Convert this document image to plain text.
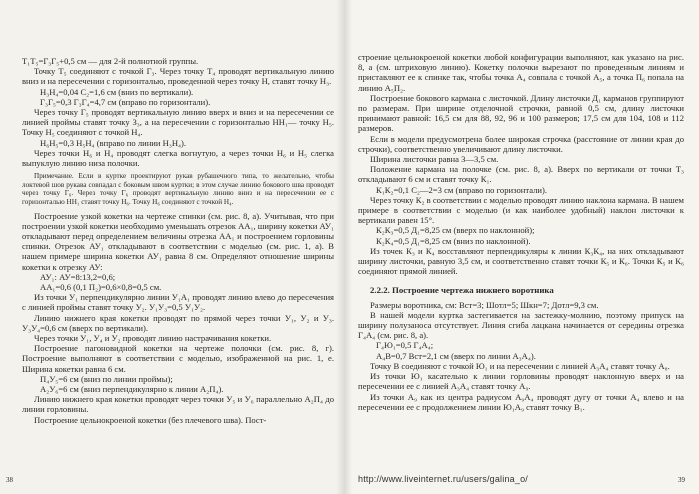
Т₁Т₅=Г₃Г₅+0,5 см — для 2-й полнотной группы.

Точку Т₅ соединяют с точкой Г₃. Через точку Т₄ проводят вертикальную линию вниз и на пересечении с горизонталью, проведенной через точку Н, ставят точку Н₃.

Н₃Н₄=0,04 С₂=1,6 см (вниз по вертикали).

Г₃Г₅=0,3 Г₃Г₄=4,7 см (вправо по горизонтали).

Через точку Г₅ проводят вертикальную линию вверх и вниз и на пересечении се линией проймы ставят точку З₃, а на пересечении с горизонталью НН₁— точку Н₅. Точку Н₅ соединяют с точкой Н₄.

Н₆Н₅=0,3 Н₅Н₄ (вправо по линии Н₃Н₄).

Через точки Н₆ и Н₄ проводят слегка вогнутую, а через точки Н₆ и Н₅ слегка выпуклую линию низа полочки.

Примечание. Если в куртке проектируют рукав рубашечного типа, то желательно, чтобы локтевой шов рукава совпадал с боковым швом куртки; в этом случае линию бокового шва проводят через точку Г₆. Через точку Г₆ проводят вертикальную линию вниз и на пересечении ее с горизонталью НН₁ ставят точку Н₆. Точку Н₆ соединяют с точкой Н₄.

Построение узкой кокетки на чертеже спинки (см. рис. 8, а). Учитывая, что при построении узкой кокетки необходимо уменьшать отрезок АА₁, ширину кокетки АУ₁ откладывают перед определением величины отрезка АА₁ и построением горловины спинки. Отрезок АУ₁ откладывают в соответствии с моделью (см. рис. 1, а). В нашем примере ширина кокетки АУ₁ равна 8 см. Определяют отношение ширины кокетки к отрезку АУ:

АУ₁: АУ=8:13,2=0,6;

АА₁=0,6 (0,1 П₂)=0,6×0,8=0,5 см.

Из точки У₁ перпендикулярно линии У₁А₁ проводят линию влево до пересечения с линией проймы ставят точку У₂. У₁У₃=0,5 У₁У₂.

Линию нижнего края кокетки проводят по прямой через точки У₁, У₂ и У₃. У₃У₄=0,6 см (вверх по вертикали).

Через точки У₁, У₄ и У₂ проводят линию настрачивания кокетки.

Построение пагоновидной кокетки на чертеже полочки (см. рис. 8, г). Построение выполняют в соответствии с моделью, изображенной на рис. 1, е. Ширина кокетки равна 6 см.

П₄У₅=6 см (вниз по линии проймы);

А₂У₆=6 см (вниз перпендикулярно к линии А₂П₄).

Линию нижнего края кокетки проводят через точки У₅ и У₆ параллельно А₂П₄ до линии горловины.

Построение цельнокроеной кокетки (без плечевого шва). Пост-

38

строение цельнокроеной кокетки любой конфигурации выполняют, как указано на рис. 8, а (см. штриховую линию). Кокетку полочки вырезают по проведенным линиям и приставляют ее к спинке так, чтобы точка А₄ совпала с точкой А₅, а точка П₆ попала на линию А₅П₂.

Построение бокового кармана с листочкой. Длину листочки Д₁ карманов группируют по размерам. При ширине отделочной строчки, равной 0,5 см, длину листочки принимают равной: 16,5 см для 88, 92, 96 и 100 размеров; 17,5 см для 104, 108 и 112 размеров.

Если в модели предусмотрена более широкая строчка (расстояние от линии края до строчки), соответственно увеличивают длину листочки.

Ширина листочки равна 3—3,5 см.

Положение кармана на полочке (см. рис. 8, а). Вверх по вертикали от точки Т₃ откладывают 6 см и ставят точку К₁.

К₁К₂=0,1 С₂—2=3 см (вправо по горизонтали).

Через точку К₂ в соответствии с моделью проводят линию наклона кармана. В нашем примере в соответствии с моделью (и как наиболее удобный) наклон листочки к вертикали равен 15°.

К₂К₃=0,5 Д₁=8,25 см (вверх по наклонной);

К₂К₄=0,5 Д₁=8,25 см (вниз по наклонной).

Из точек К₃ и К₄ восставляют перпендикуляры к линии К₃К₄, на них откладывают ширину листочки, равную 3,5 см, и соответственно ставят точки К₅ и К₆. Точки К₅ и К₆ соединяют прямой линией.

2.2.2. Построение чертежа нижнего воротника

Размеры воротника, см: Вст=3; Шотл=5; Шкн=7; Дотл=9,3 см.

В нашей модели куртка застегивается на застежку-молнию, поэтому припуск на ширину полузаноса отсутствует. Линия сгиба лацкана начинается от середины отрезка Г₄А₄ (см. рис. 8, а).

Г₄Ю₁=0,5 Г₄А₄;

А₄В=0,7 Вст=2,1 см (вверх по линии А₃А₄).

Точку В соединяют с точкой Ю₁ и на пересечении с линией А₃А₄ ставят точку А₈.

Из точки Ю₁ касательно к линии горловины проводят наклонную вверх и на пересечении ее с линией А₃А₄ ставят точку А₉.

Из точки А₉ как из центра радиусом А₉А₄ проводят дугу от точки А₄ влево и на пересечении ее с продолжением линии Ю₁А₉ ставят точку В₁.

39
http://www.liveinternet.ru/users/galina_o/
